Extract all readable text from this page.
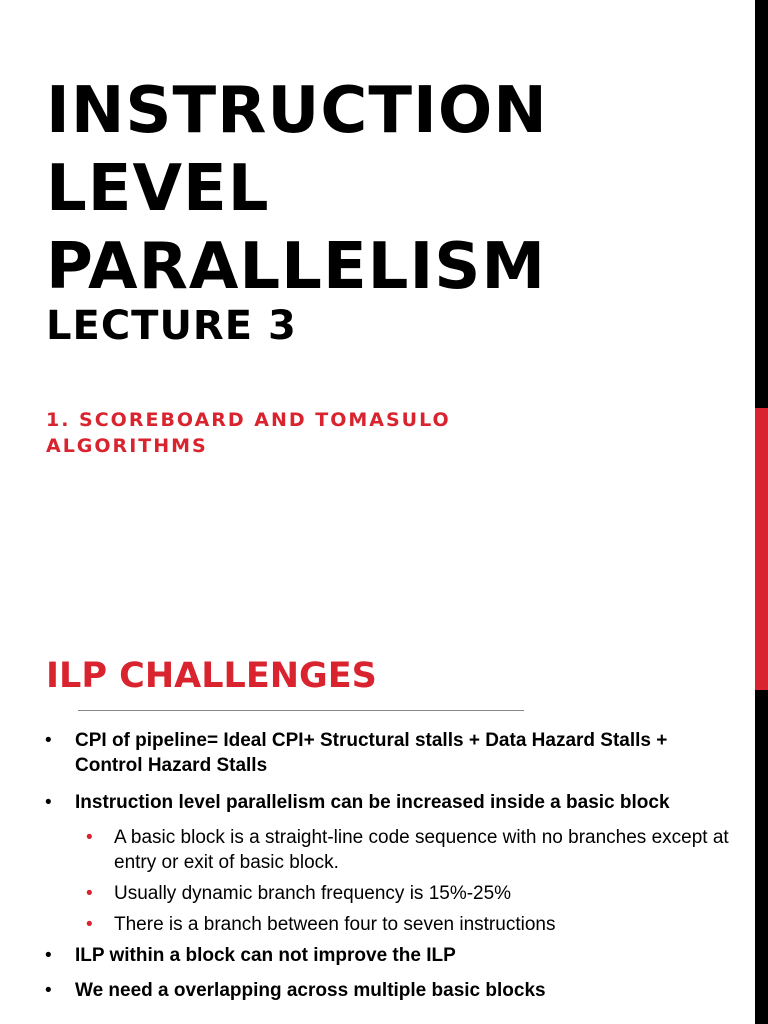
INSTRUCTION
LEVEL
PARALLELISM
LECTURE 3

1. SCOREBOARD AND TOMASULO ALGORITHMS

ILP CHALLENGES
• CPI of pipeline= Ideal CPI+ Structural stalls + Data Hazard Stalls + Control Hazard Stalls
• Instruction level parallelism can be increased inside a basic block
• A basic block is a straight-line code sequence with no branches except at entry or exit of basic block.
• Usually dynamic branch frequency is 15%-25%
• There is a branch between four to seven instructions
• ILP within a block can not improve the ILP
• We need a overlapping across multiple basic blocks
